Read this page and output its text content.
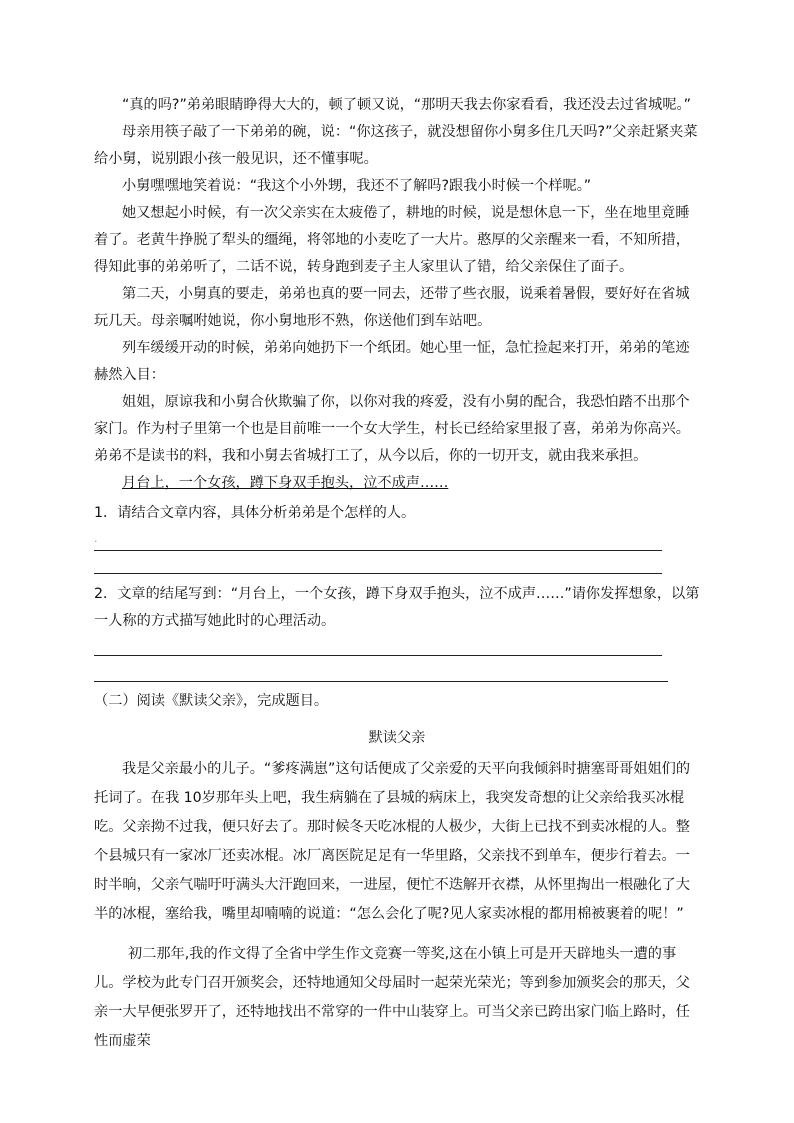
“真的吗?”弟弟眼睛睁得大大的，顿了顿又说，“那明天我去你家看看，我还没去过省城呢。”

母亲用筷子敲了一下弟弟的碗，说：“你这孩子，就没想留你小舅多住几天吗?”父亲赶紧夹菜给小舅，说别跟小孩一般见识，还不懂事呢。

小舅嘿嘿地笑着说：“我这个小外甥，我还不了解吗?跟我小时候一个样呢。”

她又想起小时候，有一次父亲实在太疲倦了，耕地的时候，说是想休息一下，坐在地里竟睡着了。老黄牛挣脱了犁头的缰绳，将邻地的小麦吃了一大片。憨厚的父亲醒来一看，不知所措，得知此事的弟弟听了，二话不说，转身跑到麦子主人家里认了错，给父亲保住了面子。

第二天，小舅真的要走，弟弟也真的要一同去，还带了些衣服，说乘着暑假，要好好在省城玩几天。母亲嘱咐她说，你小舅地形不熟，你送他们到车站吧。

列车缓缓开动的时候，弟弟向她扔下一个纸团。她心里一怔，急忙捡起来打开，弟弟的笔迹赫然入目：

姐姐，原谅我和小舅合伙欺骗了你，以你对我的疼爱，没有小舅的配合，我恐怕踏不出那个家门。作为村子里第一个也是目前唯一一个女大学生，村长已经给家里报了喜，弟弟为你高兴。弟弟不是读书的料，我和小舅去省城打工了，从今以后，你的一切开支，就由我来承担。

月台上，一个女孩，蹲下身双手抱头，泣不成声……

1．请结合文章内容，具体分析弟弟是个怎样的人。

.

2．文章的结尾写到：“月台上，一个女孩，蹲下身双手抱头，泣不成声……”请你发挥想象，以第一人称的方式描写她此时的心理活动。

（二）阅读《默读父亲》，完成题目。

默读父亲

我是父亲最小的儿子。“爹疼满崽”这句话便成了父亲爱的天平向我倾斜时搪塞哥哥姐姐们的托词了。在我 10岁那年头上吧，我生病躺在了县城的病床上，我突发奇想的让父亲给我买冰棍吃。父亲拗不过我，便只好去了。那时候冬天吃冰棍的人极少，大街上已找不到卖冰棍的人。整个县城只有一家冰厂还卖冰棍。冰厂离医院足足有一华里路，父亲找不到单车，便步行着去。一时半晌，父亲气喘吁吁满头大汗跑回来，一进屋，便忙不迭解开衣襟，从怀里掏出一根融化了大半的冰棍，塞给我，嘴里却喃喃的说道：“怎么会化了呢?见人家卖冰棍的都用棉被裹着的呢！”

初二那年,我的作文得了全省中学生作文竞赛一等奖,这在小镇上可是开天辟地头一遭的事儿。学校为此专门召开颁奖会，还特地通知父母届时一起荣光荣光；等到参加颁奖会的那天，父亲一大早便张罗开了，还特地找出不常穿的一件中山装穿上。可当父亲已跨出家门临上路时，任性而虚荣
